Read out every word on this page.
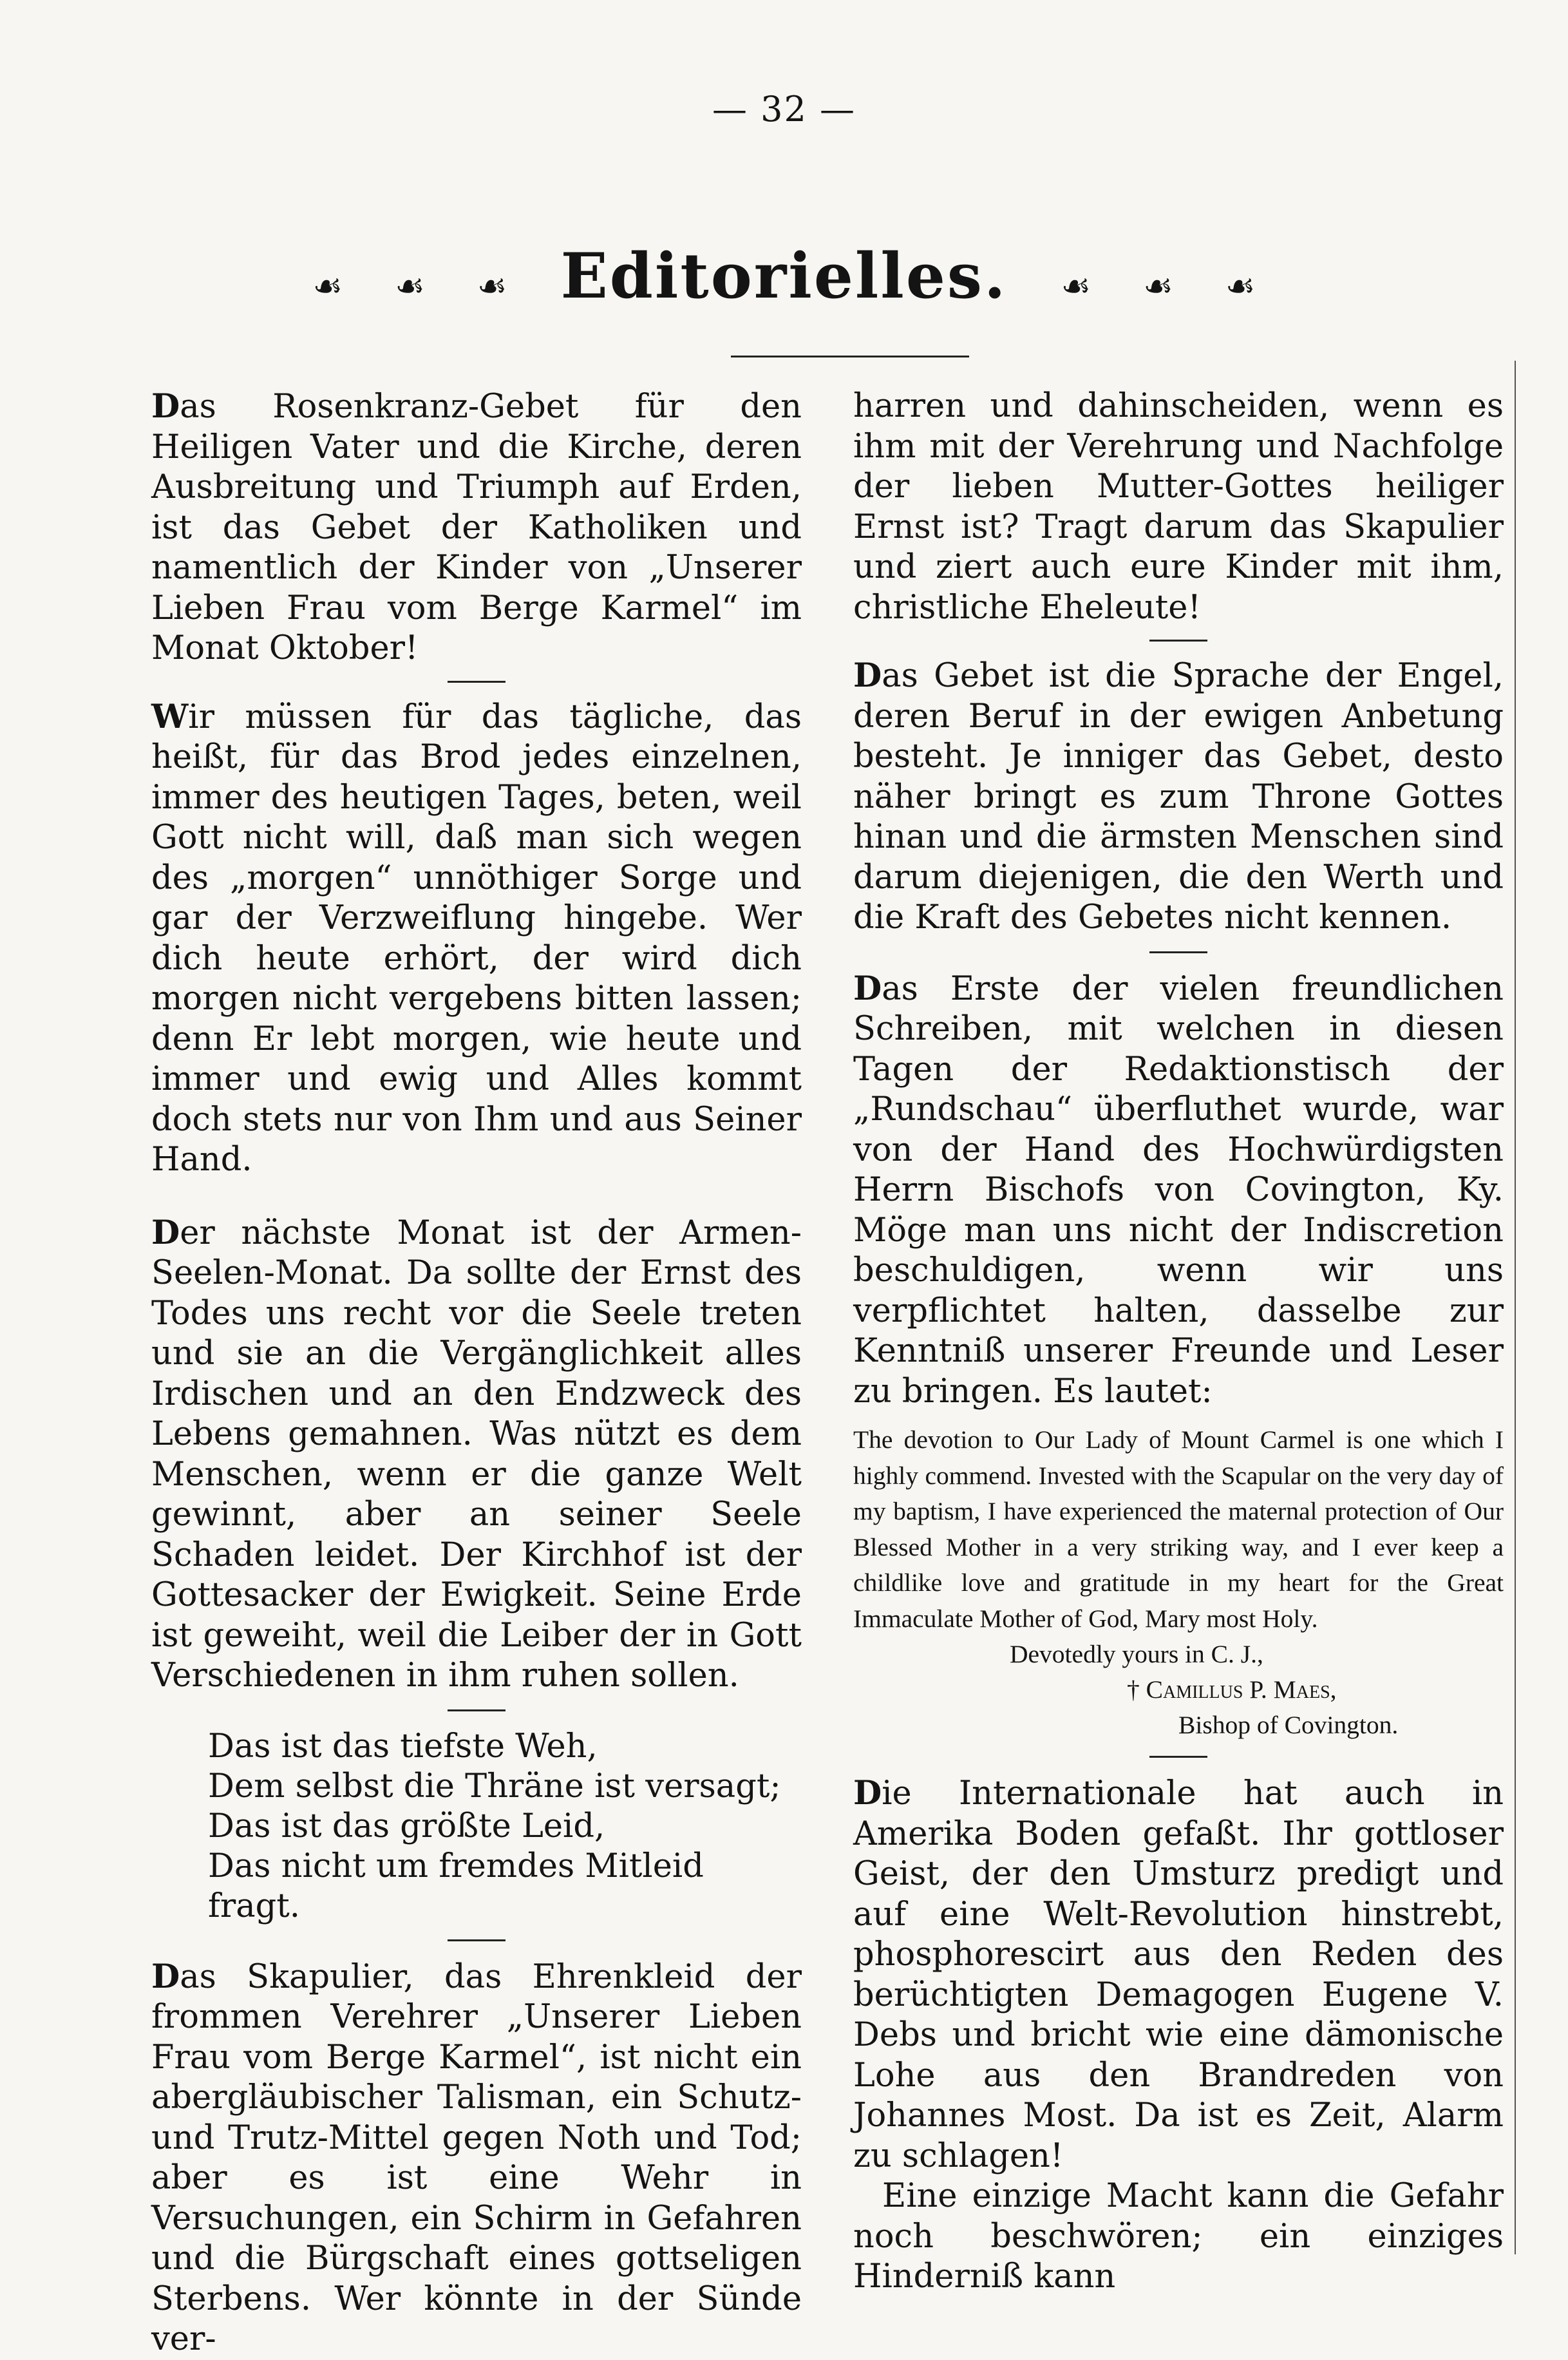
— 32 —
☙ ☙ ☙ Editorielles. ☙ ☙ ☙

Das Rosenkranz-Gebet für den Heiligen Vater und die Kirche, deren Ausbreitung und Triumph auf Erden, ist das Gebet der Katholiken und namentlich der Kinder von „Unserer Lieben Frau vom Berge Karmel“ im Monat Oktober!

Wir müssen für das tägliche, das heißt, für das Brod jedes einzelnen, immer des heutigen Tages, beten, weil Gott nicht will, daß man sich wegen des „morgen“ unnöthiger Sorge und gar der Verzweiflung hingebe. Wer dich heute erhört, der wird dich morgen nicht vergebens bitten lassen; denn Er lebt morgen, wie heute und immer und ewig und Alles kommt doch stets nur von Ihm und aus Seiner Hand.

Der nächste Monat ist der Armen-Seelen-Monat. Da sollte der Ernst des Todes uns recht vor die Seele treten und sie an die Vergänglichkeit alles Irdischen und an den Endzweck des Lebens gemahnen. Was nützt es dem Menschen, wenn er die ganze Welt gewinnt, aber an seiner Seele Schaden leidet. Der Kirchhof ist der Gottesacker der Ewigkeit. Seine Erde ist geweiht, weil die Leiber der in Gott Verschiedenen in ihm ruhen sollen.

Das ist das tiefste Weh,

Dem selbst die Thräne ist versagt;

Das ist das größte Leid,

Das nicht um fremdes Mitleid fragt.

Das Skapulier, das Ehrenkleid der frommen Verehrer „Unserer Lieben Frau vom Berge Karmel“, ist nicht ein abergläubischer Talisman, ein Schutz- und Trutz-Mittel gegen Noth und Tod; aber es ist eine Wehr in Versuchungen, ein Schirm in Gefahren und die Bürgschaft eines gottseligen Sterbens. Wer könnte in der Sünde ver-

harren und dahinscheiden, wenn es ihm mit der Verehrung und Nachfolge der lieben Mutter-Gottes heiliger Ernst ist? Tragt darum das Skapulier und ziert auch eure Kinder mit ihm, christliche Eheleute!

Das Gebet ist die Sprache der Engel, deren Beruf in der ewigen Anbetung besteht. Je inniger das Gebet, desto näher bringt es zum Throne Gottes hinan und die ärmsten Menschen sind darum diejenigen, die den Werth und die Kraft des Gebetes nicht kennen.

Das Erste der vielen freundlichen Schreiben, mit welchen in diesen Tagen der Redaktionstisch der „Rundschau“ überfluthet wurde, war von der Hand des Hochwürdigsten Herrn Bischofs von Covington, Ky. Möge man uns nicht der Indiscretion beschuldigen, wenn wir uns verpflichtet halten, dasselbe zur Kenntniß unserer Freunde und Leser zu bringen. Es lautet:

The devotion to Our Lady of Mount Carmel is one which I highly commend. Invested with the Scapular on the very day of my baptism, I have experienced the maternal protection of Our Blessed Mother in a very striking way, and I ever keep a childlike love and gratitude in my heart for the Great Immaculate Mother of God, Mary most Holy.

Devotedly yours in C. J.,
† Camillus P. Maes,
Bishop of Covington.

Die Internationale hat auch in Amerika Boden gefaßt. Ihr gottloser Geist, der den Umsturz predigt und auf eine Welt-Revolution hinstrebt, phosphorescirt aus den Reden des berüchtigten Demagogen Eugene V. Debs und bricht wie eine dämonische Lohe aus den Brandreden von Johannes Most. Da ist es Zeit, Alarm zu schlagen!

Eine einzige Macht kann die Gefahr noch beschwören; ein einziges Hinderniß kann
